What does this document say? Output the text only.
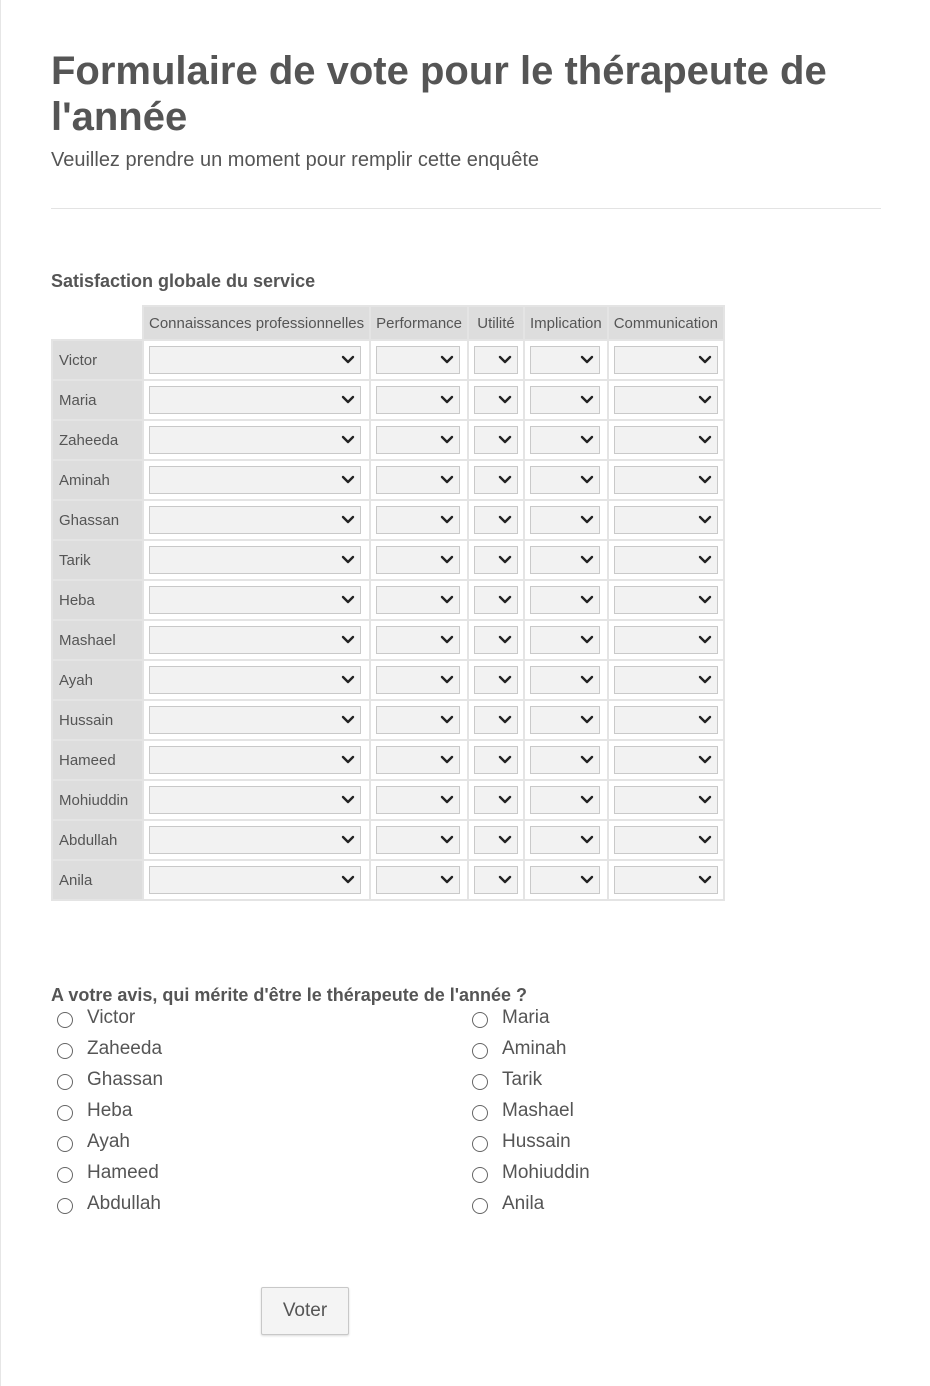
Formulaire de vote pour le thérapeute de l'année
Veuillez prendre un moment pour remplir cette enquête
Satisfaction globale du service
	Connaissances professionnelles	Performance	Utilité	Implication	Communication
Victor	

Maria	

Zaheeda	

Aminah	

Ghassan	

Tarik	

Heba	

Mashael	

Ayah	

Hussain	

Hameed	

Mohiuddin	

Abdullah	

Anila	

A votre avis, qui mérite d'être le thérapeute de l'année ?
Victor	Maria
Zaheeda	Aminah
Ghassan	Tarik
Heba	Mashael
Ayah	Hussain
Hameed	Mohiuddin
Abdullah	Anila
Voter
